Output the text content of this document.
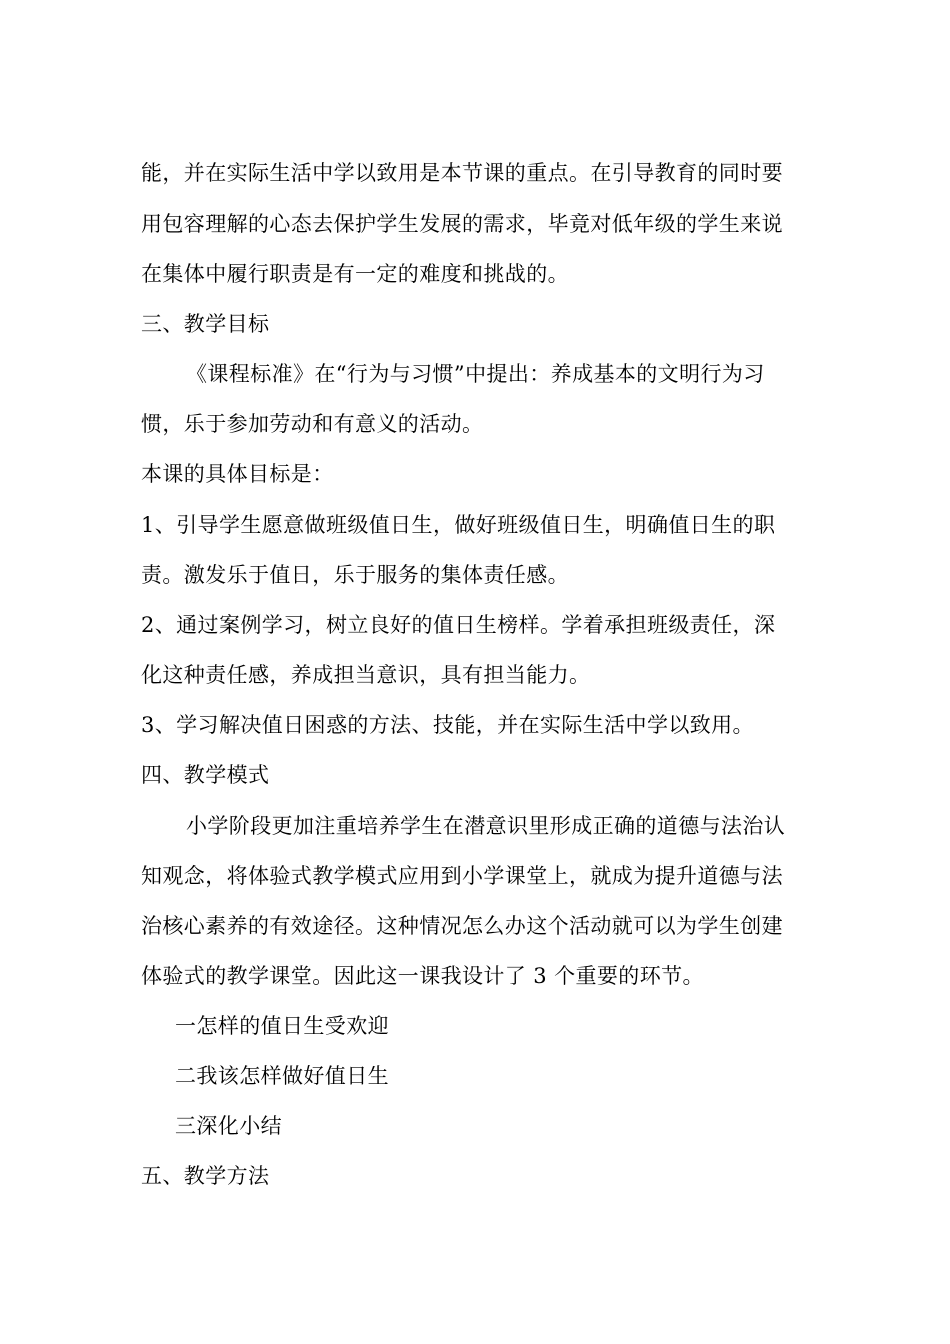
能，并在实际生活中学以致用是本节课的重点。在引导教育的同时要
用包容理解的心态去保护学生发展的需求，毕竟对低年级的学生来说
在集体中履行职责是有一定的难度和挑战的。
三、教学目标
《课程标准》在“行为与习惯”中提出：养成基本的文明行为习
惯，乐于参加劳动和有意义的活动。
本课的具体目标是：
1、引导学生愿意做班级值日生，做好班级值日生，明确值日生的职
责。激发乐于值日，乐于服务的集体责任感。
2、通过案例学习，树立良好的值日生榜样。学着承担班级责任，深
化这种责任感，养成担当意识，具有担当能力。
3、学习解决值日困惑的方法、技能，并在实际生活中学以致用。
四、教学模式
小学阶段更加注重培养学生在潜意识里形成正确的道德与法治认
知观念，将体验式教学模式应用到小学课堂上，就成为提升道德与法
治核心素养的有效途径。这种情况怎么办这个活动就可以为学生创建
体验式的教学课堂。因此这一课我设计了 3 个重要的环节。
一怎样的值日生受欢迎
二我该怎样做好值日生
三深化小结
五、教学方法
